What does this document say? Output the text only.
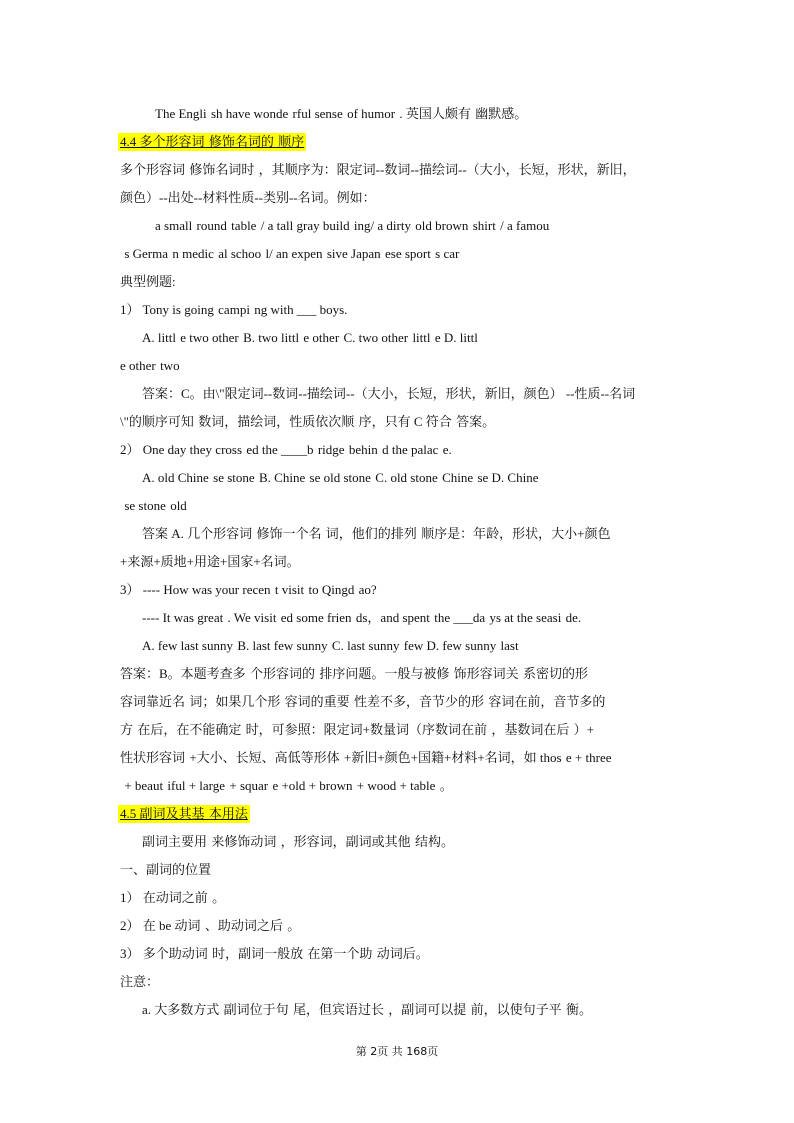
The Engli  sh have wonde  rful sense  of humor  . 英国人颇有  幽默感。
4.4 多个形容词  修饰名词的  顺序
多个形容词  修饰名词时  ，其顺序为：限定词--数词--描绘词--（大小，长短，形状，新旧，
颜色）--出处--材料性质--类别--名词。例如：
a small  round  table  / a tall gray build  ing/ a dirty  old brown  shirt  / a famou
  s Germa  n medic  al schoo  l/ an expen  sive Japan  ese sport  s car
典型例题:
1） Tony is going  campi  ng with ___ boys.
A. littl  e two other  B. two littl  e other  C. two other  littl  e D. littl 
e other  two
答案：C。由\"限定词--数词--描绘词--（大小，长短，形状，新旧，颜色） --性质--名词
\"的顺序可知  数词，描绘词，性质依次顺  序，只有 C 符合  答案。
2） One day they cross  ed the ____b  ridge  behin  d the palac  e.
A. old Chine  se stone  B. Chine  se old stone  C. old stone  Chine  se D. Chine
  se stone  old
答案 A. 几个形容词  修饰一个名  词，他们的排列  顺序是：年龄，形状，大小+颜色
+来源+质地+用途+国家+名词。
3） ---- How was your recen  t visit  to Qingd  ao?
---- It was great  . We visit  ed some frien  ds，and spent  the ___da  ys at the seasi  de.
A. few last sunny  B. last few sunny  C. last sunny  few D. few sunny  last
答案：B。本题考查多  个形容词的  排序问题。一般与被修  饰形容词关  系密切的形 
容词靠近名  词；如果几个形  容词的重要  性差不多，音节少的形  容词在前，音节多的
方  在后，在不能确定  时，可参照：限定词+数量词（序数词在前  ，基数词在后  ）+
性状形容词  +大小、长短、高低等形体  +新旧+颜色+国籍+材料+名词，如 thos  e + three
  + beaut  iful + large  + squar  e +old + brown  + wood + table  。
4.5 副词及其基  本用法
副词主要用  来修饰动词  ，形容词，副词或其他  结构。
一、副词的位置 
1） 在动词之前  。
2） 在 be 动词  、助动词之后  。
3） 多个助动词  时，副词一般放  在第一个助  动词后。
注意：
a. 大多数方式  副词位于句  尾，但宾语过长  ，副词可以提  前，以使句子平  衡。
第 2页 共 168页
